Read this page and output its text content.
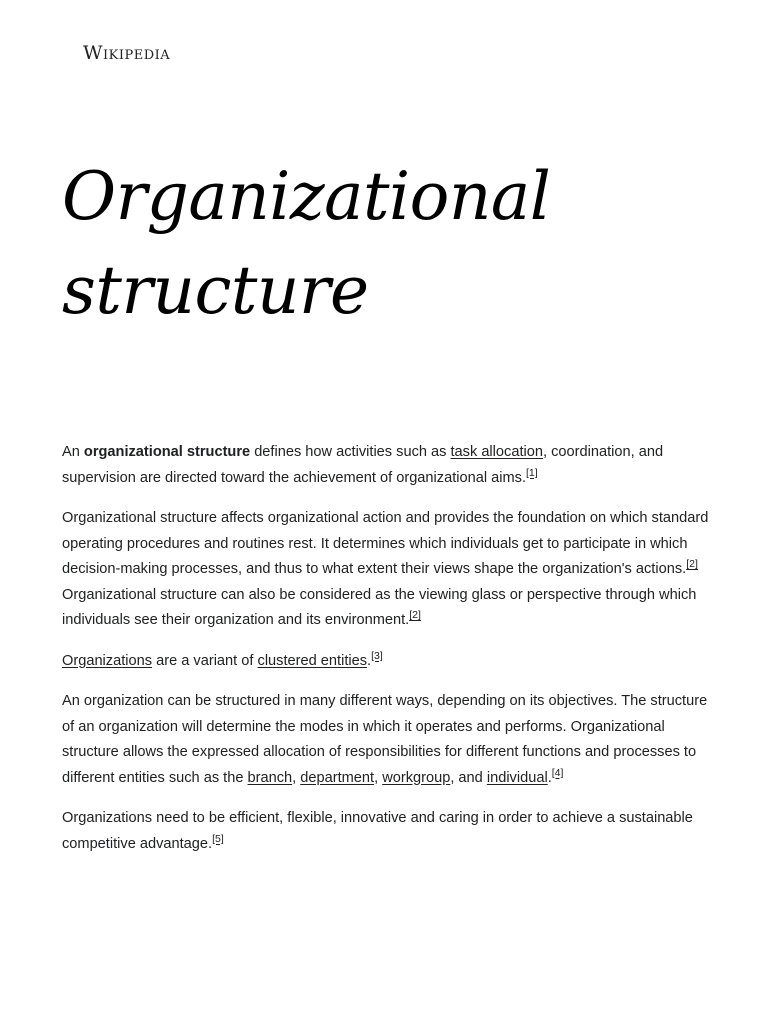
Wikipedia
Organizational structure

An organizational structure defines how activities such as task allocation, coordination, and supervision are directed toward the achievement of organizational aims.[1]

Organizational structure affects organizational action and provides the foundation on which standard operating procedures and routines rest. It determines which individuals get to participate in which decision-making processes, and thus to what extent their views shape the organization's actions.[2] Organizational structure can also be considered as the viewing glass or perspective through which individuals see their organization and its environment.[2]

Organizations are a variant of clustered entities.[3]

An organization can be structured in many different ways, depending on its objectives. The structure of an organization will determine the modes in which it operates and performs. Organizational structure allows the expressed allocation of responsibilities for different functions and processes to different entities such as the branch, department, workgroup, and individual.[4]

Organizations need to be efficient, flexible, innovative and caring in order to achieve a sustainable competitive advantage.[5]
